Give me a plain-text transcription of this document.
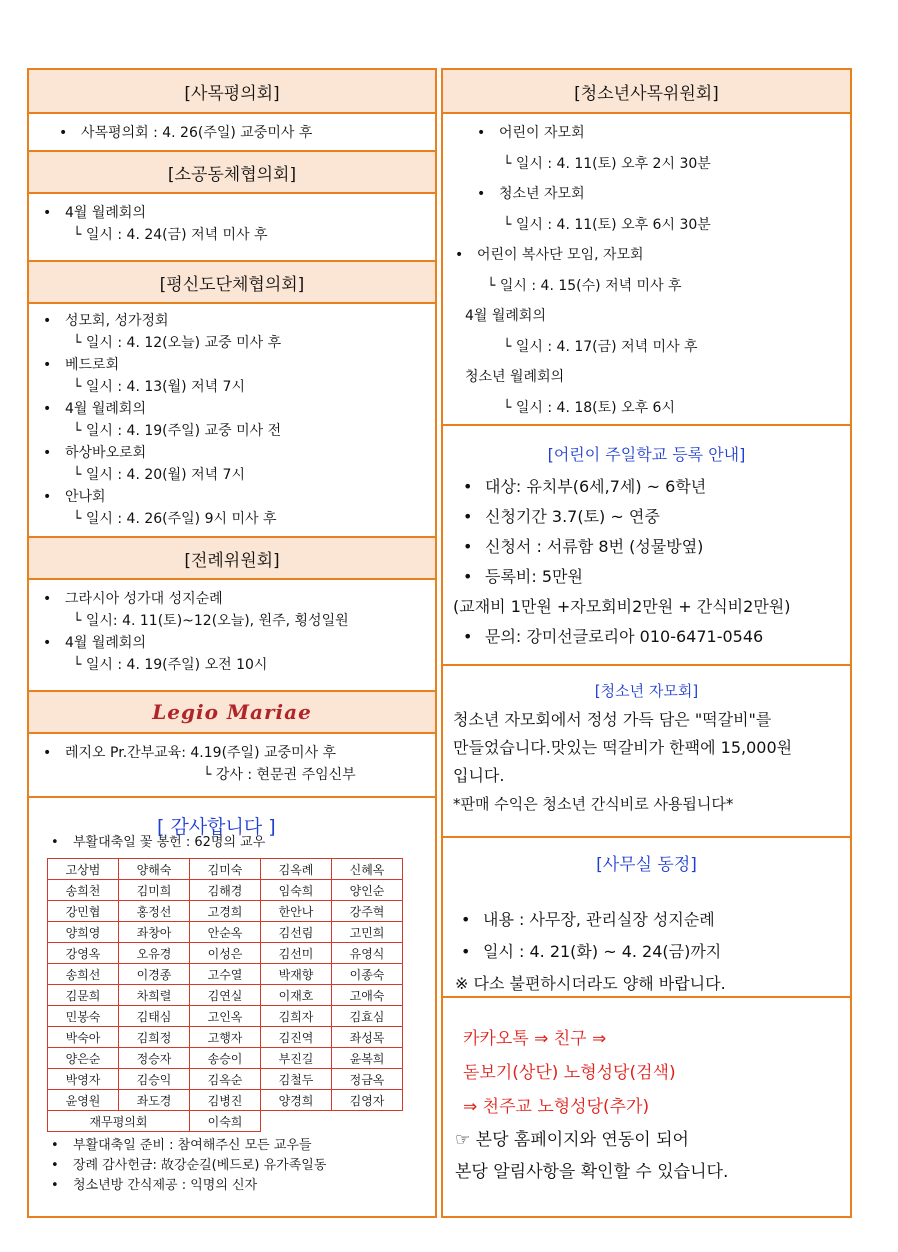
[사목평의회]
• 사목평의회 : 4. 26(주일) 교중미사 후
[소공동체협의회]
• 4월 월례회의
└ 일시 : 4. 24(금) 저녁 미사 후
[평신도단체협의회]
• 성모회, 성가정회
└ 일시 : 4. 12(오늘) 교중 미사 후
• 베드로회
└ 일시 : 4. 13(월) 저녁 7시
• 4월 월례회의
└ 일시 : 4. 19(주일) 교중 미사 전
• 하상바오로회
└ 일시 : 4. 20(월) 저녁 7시
• 안나회
└ 일시 : 4. 26(주일) 9시 미사 후
[전례위원회]
• 그라시아 성가대 성지순례
└ 일시: 4. 11(토)~12(오늘), 원주, 횡성일원
• 4월 월례회의
└ 일시 : 4. 19(주일) 오전 10시
Legio Mariae
• 레지오 Pr.간부교육: 4.19(주일) 교중미사 후
└ 강사 : 현문권 주임신부
[ 감사합니다 ]
• 부활대축일 꽃 봉헌 : 62명의 교우
고상범	양해숙	김미숙	김옥례	신혜옥
송희천	김미희	김해경	임숙희	양인순
강민협	홍정선	고경희	한안나	강주혁
양희영	좌창아	안순옥	김선림	고민희
강영옥	오유경	이성은	김선미	유영식
송희선	이경종	고수열	박재향	이종숙
김문희	차희렬	김연실	이재호	고애숙
민봉숙	김태심	고인옥	김희자	김효심
박숙아	김희정	고행자	김진역	좌성목
양은순	정승자	송승이	부진길	윤복희
박영자	김승익	김옥순	김철두	정금옥
윤영원	좌도경	김병진	양경희	김영자
재무평의회		이숙희		
• 부활대축일 준비 : 참여해주신 모든 교우들
• 장례 감사헌금: 故강순길(베드로) 유가족일동
• 청소년방 간식제공 : 익명의 신자
[청소년사목위원회]
• 어린이 자모회
└ 일시 : 4. 11(토) 오후 2시 30분
• 청소년 자모회
└ 일시 : 4. 11(토) 오후 6시 30분
• 어린이 복사단 모임, 자모회
└ 일시 : 4. 15(수) 저녁 미사 후
4월 월례회의
└ 일시 : 4. 17(금) 저녁 미사 후
청소년 월례회의
└ 일시 : 4. 18(토) 오후 6시
[어린이 주일학교 등록 안내]
• 대상: 유치부(6세,7세) ~ 6학년
• 신청기간 3.7(토) ~ 연중
• 신청서 : 서류함 8번 (성물방옆)
• 등록비: 5만원
(교재비 1만원 +자모회비2만원 + 간식비2만원)
• 문의: 강미선글로리아 010-6471-0546
[청소년 자모회]
청소년 자모회에서 정성 가득 담은 "떡갈비"를
만들었습니다.맛있는 떡갈비가 한팩에 15,000원
입니다.
*판매 수익은 청소년 간식비로 사용됩니다*
[사무실 동정]
• 내용 : 사무장, 관리실장 성지순례
• 일시 : 4. 21(화) ~ 4. 24(금)까지
※ 다소 불편하시더라도 양해 바랍니다.
카카오톡 ⇒ 친구 ⇒
돋보기(상단) 노형성당(검색)
⇒ 천주교 노형성당(추가)
☞ 본당 홈페이지와 연동이 되어
본당 알림사항을 확인할 수 있습니다.
